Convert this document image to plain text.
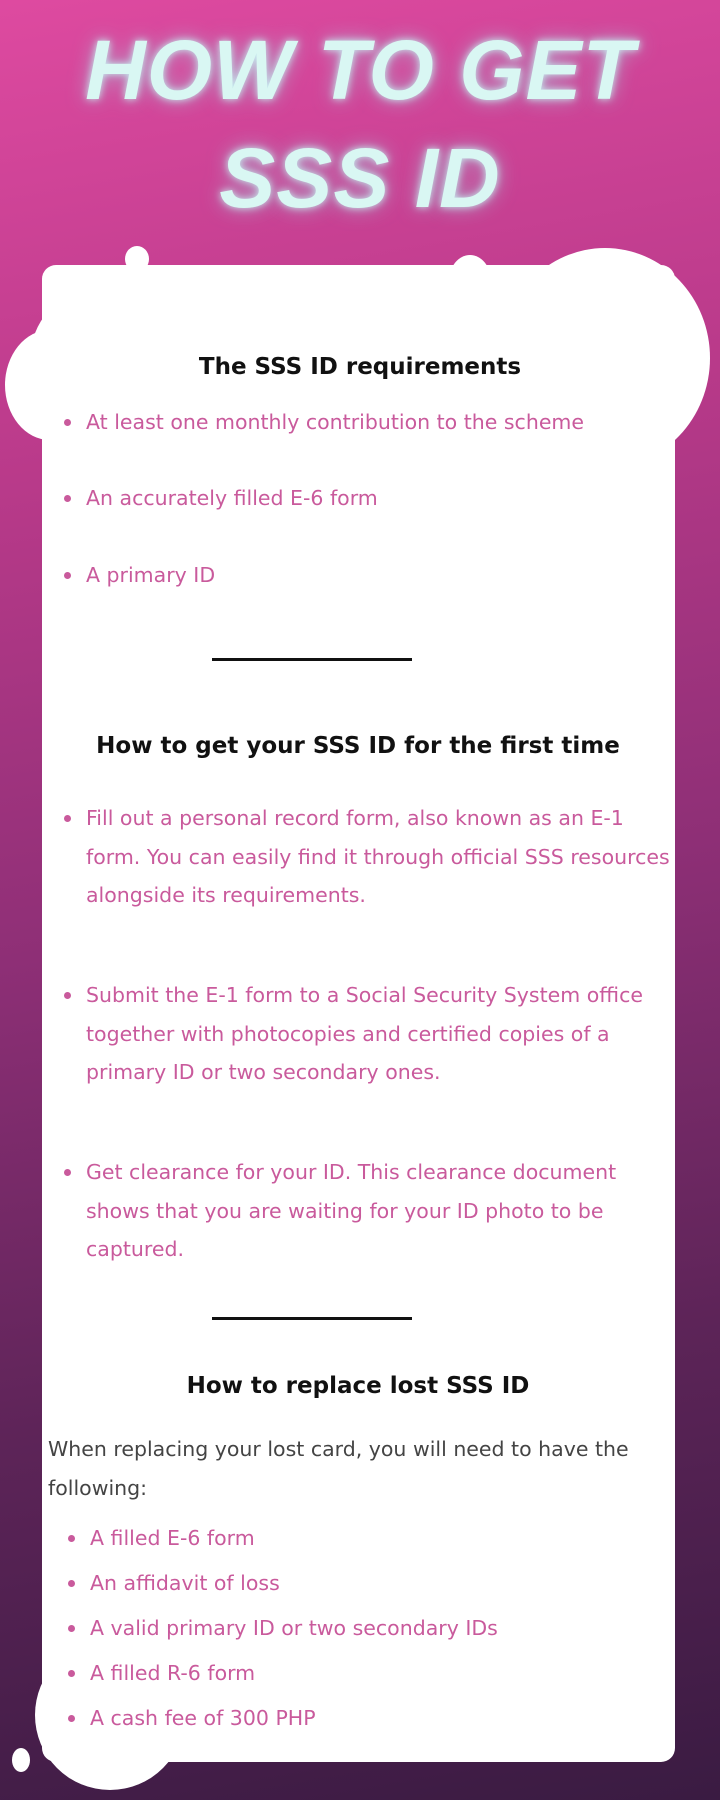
HOW TO GET
SSS ID
The SSS ID requirements
At least one monthly contribution to the scheme
An accurately filled E-6 form
A primary ID
How to get your SSS ID for the first time
Fill out a personal record form, also known as an E-1 form. You can easily find it through official SSS resources alongside its requirements.
Submit the E-1 form to a Social Security System office together with photocopies and certified copies of a primary ID or two secondary ones.
Get clearance for your ID. This clearance document shows that you are waiting for your ID photo to be captured.
How to replace lost SSS ID
When replacing your lost card, you will need to have the following:
A filled E-6 form
An affidavit of loss
A valid primary ID or two secondary IDs
A filled R-6 form
A cash fee of 300 PHP
